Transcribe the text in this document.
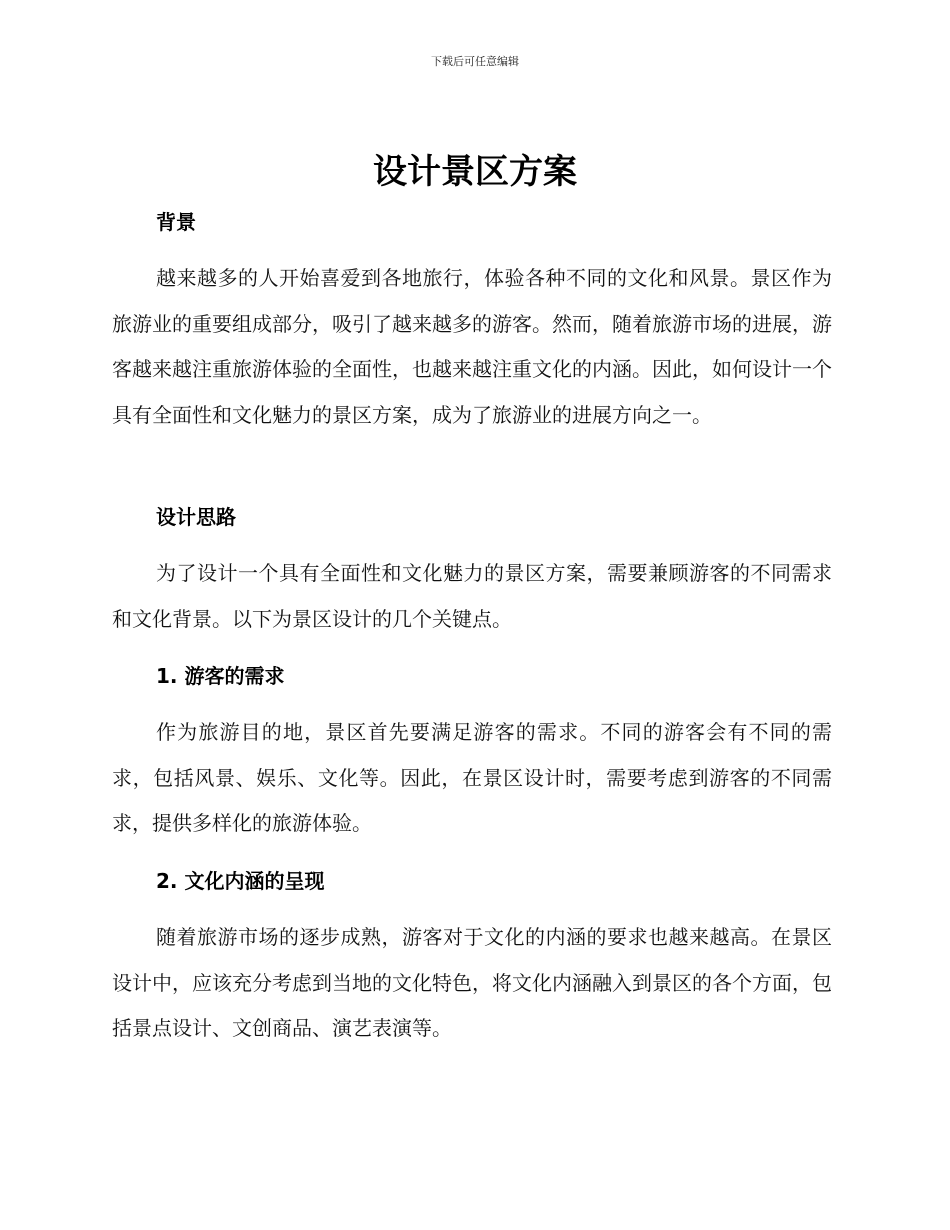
下载后可任意编辑
设计景区方案
背景

越来越多的人开始喜爱到各地旅行，体验各种不同的文化和风景。景区作为旅游业的重要组成部分，吸引了越来越多的游客。然而，随着旅游市场的进展，游客越来越注重旅游体验的全面性，也越来越注重文化的内涵。因此，如何设计一个具有全面性和文化魅力的景区方案，成为了旅游业的进展方向之一。

设计思路

为了设计一个具有全面性和文化魅力的景区方案，需要兼顾游客的不同需求和文化背景。以下为景区设计的几个关键点。

1. 游客的需求

作为旅游目的地，景区首先要满足游客的需求。不同的游客会有不同的需求，包括风景、娱乐、文化等。因此，在景区设计时，需要考虑到游客的不同需求，提供多样化的旅游体验。

2. 文化内涵的呈现

随着旅游市场的逐步成熟，游客对于文化的内涵的要求也越来越高。在景区设计中，应该充分考虑到当地的文化特色，将文化内涵融入到景区的各个方面，包括景点设计、文创商品、演艺表演等。
